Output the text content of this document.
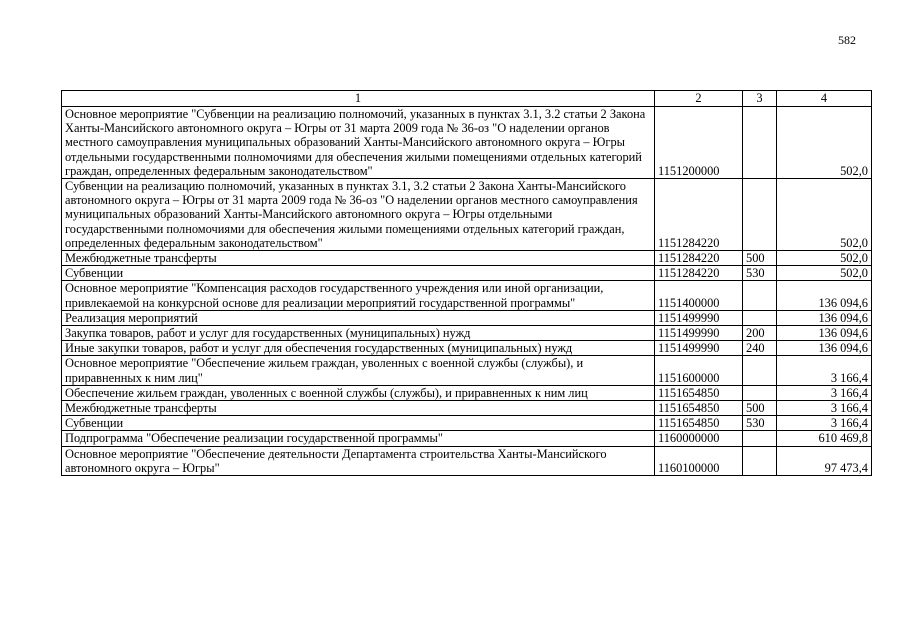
582
1	2	3	4
Основное мероприятие "Субвенции на реализацию полномочий, указанных в пунктах 3.1, 3.2 статьи 2 Закона Ханты-Мансийского автономного округа – Югры от 31 марта 2009 года № 36-оз "О наделении органов местного самоуправления муниципальных образований Ханты-Мансийского автономного округа – Югры отдельными государственными полномочиями для обеспечения жилыми помещениями отдельных категорий граждан, определенных федеральным законодательством"	1151200000		502,0
Субвенции на реализацию полномочий, указанных в пунктах 3.1, 3.2 статьи 2 Закона Ханты-Мансийского автономного округа – Югры от 31 марта 2009 года № 36-оз "О наделении органов местного самоуправления муниципальных образований Ханты-Мансийского автономного округа – Югры отдельными государственными полномочиями для обеспечения жилыми помещениями отдельных категорий граждан, определенных федеральным законодательством"	1151284220		502,0
Межбюджетные трансферты	1151284220	500	502,0
Субвенции	1151284220	530	502,0
Основное мероприятие "Компенсация расходов государственного учреждения или иной организации, привлекаемой на конкурсной основе для реализации мероприятий государственной программы"	1151400000		136 094,6
Реализация мероприятий	1151499990		136 094,6
Закупка товаров, работ и услуг для государственных (муниципальных) нужд	1151499990	200	136 094,6
Иные закупки товаров, работ и услуг для обеспечения государственных (муниципальных) нужд	1151499990	240	136 094,6
Основное мероприятие "Обеспечение жильем граждан, уволенных с военной службы (службы), и приравненных к ним лиц"	1151600000		3 166,4
Обеспечение жильем граждан, уволенных с военной службы (службы), и приравненных к ним лиц	1151654850		3 166,4
Межбюджетные трансферты	1151654850	500	3 166,4
Субвенции	1151654850	530	3 166,4
Подпрограмма "Обеспечение реализации государственной программы"	1160000000		610 469,8
Основное мероприятие "Обеспечение деятельности Департамента строительства Ханты-Мансийского автономного округа – Югры"	1160100000		97 473,4
